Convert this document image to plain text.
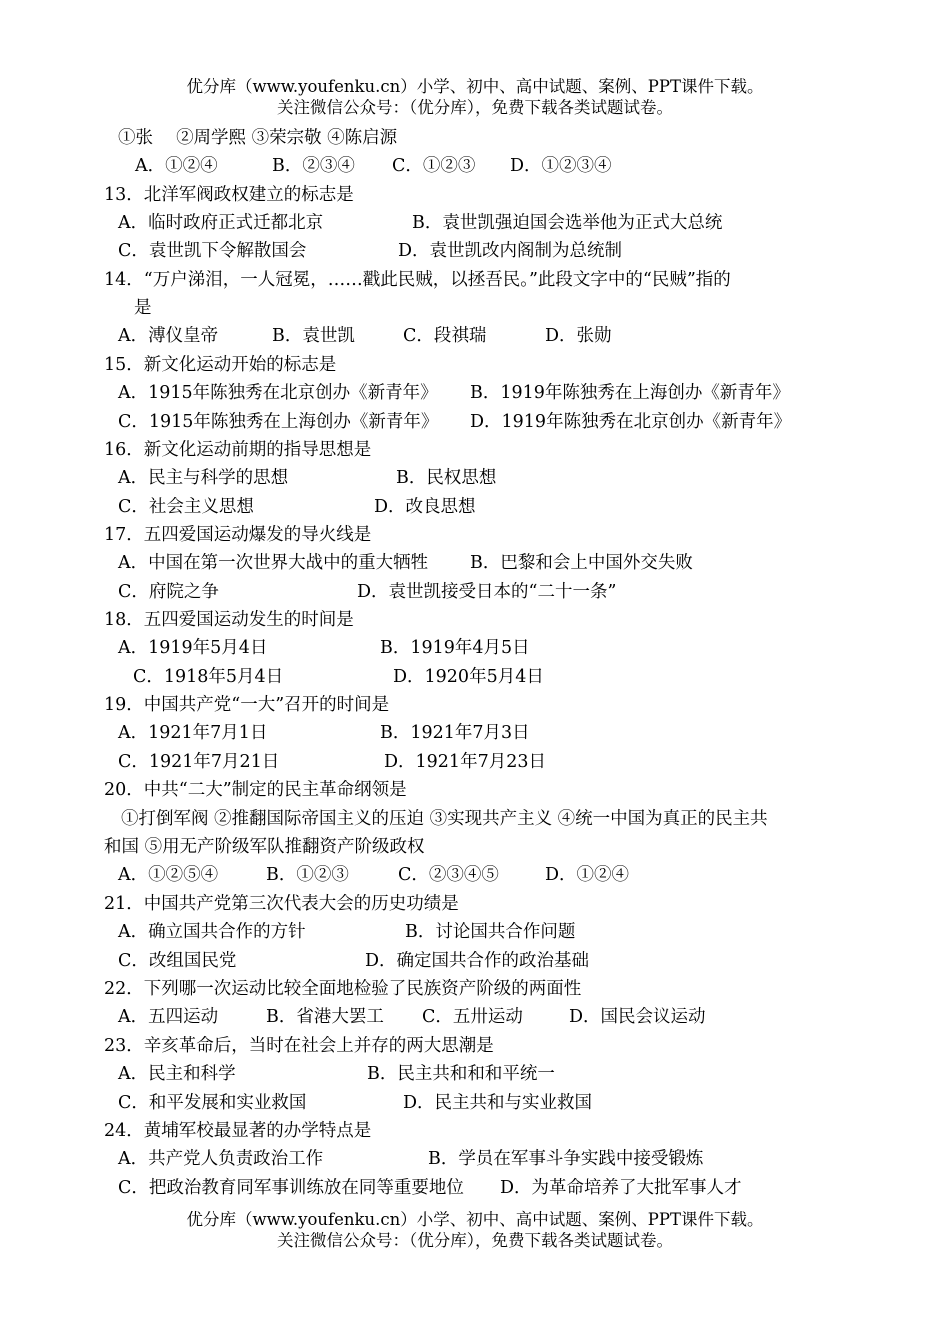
优分库（www.youfenku.cn）小学、初中、高中试题、案例、PPT课件下载。
关注微信公众号：（优分库），免费下载各类试题试卷。
①张　 ②周学熙 ③荣宗敬 ④陈启源
A．①②④	B．②③④ C．①②③ D．①②③④
13．北洋军阀政权建立的标志是
A．临时政府正式迁都北京	B．袁世凯强迫国会选举他为正式大总统
C．袁世凯下令解散国会	D．袁世凯改内阁制为总统制
14．“万户涕泪，一人冠冕，……戳此民贼，以拯吾民。”此段文字中的“民贼”指的
是
A．溥仪皇帝	B．袁世凯	C．段祺瑞	D．张勋
15．新文化运动开始的标志是
A．1915年陈独秀在北京创办《新青年》 B．1919年陈独秀在上海创办《新青年》
C．1915年陈独秀在上海创办《新青年》 D．1919年陈独秀在北京创办《新青年》
16．新文化运动前期的指导思想是
A．民主与科学的思想	B．民权思想
C．社会主义思想	D．改良思想
17．五四爱国运动爆发的导火线是
A．中国在第一次世界大战中的重大牺牲 B．巴黎和会上中国外交失败
C．府院之争	D．袁世凯接受日本的“二十一条”
18．五四爱国运动发生的时间是
A．1919年5月4日	B．1919年4月5日
C．1918年5月4日	D．1920年5月4日
19．中国共产党“一大”召开的时间是
A．1921年7月1日	B．1921年7月3日
C．1921年7月21日	D．1921年7月23日
20．中共“二大”制定的民主革命纲领是
①打倒军阀 ②推翻国际帝国主义的压迫 ③实现共产主义 ④统一中国为真正的民主共
和国 ⑤用无产阶级军队推翻资产阶级政权
A．①②⑤④	B．①②③	C．②③④⑤	D．①②④
21．中国共产党第三次代表大会的历史功绩是
A．确立国共合作的方针	B．讨论国共合作问题
C．改组国民党	D．确定国共合作的政治基础
22．下列哪一次运动比较全面地检验了民族资产阶级的两面性
A．五四运动	B．省港大罢工 C．五卅运动	D．国民会议运动
23．辛亥革命后，当时在社会上并存的两大思潮是
A．民主和科学	B．民主共和和和平统一
C．和平发展和实业救国	D．民主共和与实业救国
24．黄埔军校最显著的办学特点是
A．共产党人负责政治工作	B．学员在军事斗争实践中接受锻炼
C．把政治教育同军事训练放在同等重要地位 D．为革命培养了大批军事人才
优分库（www.youfenku.cn）小学、初中、高中试题、案例、PPT课件下载。
关注微信公众号：（优分库），免费下载各类试题试卷。
